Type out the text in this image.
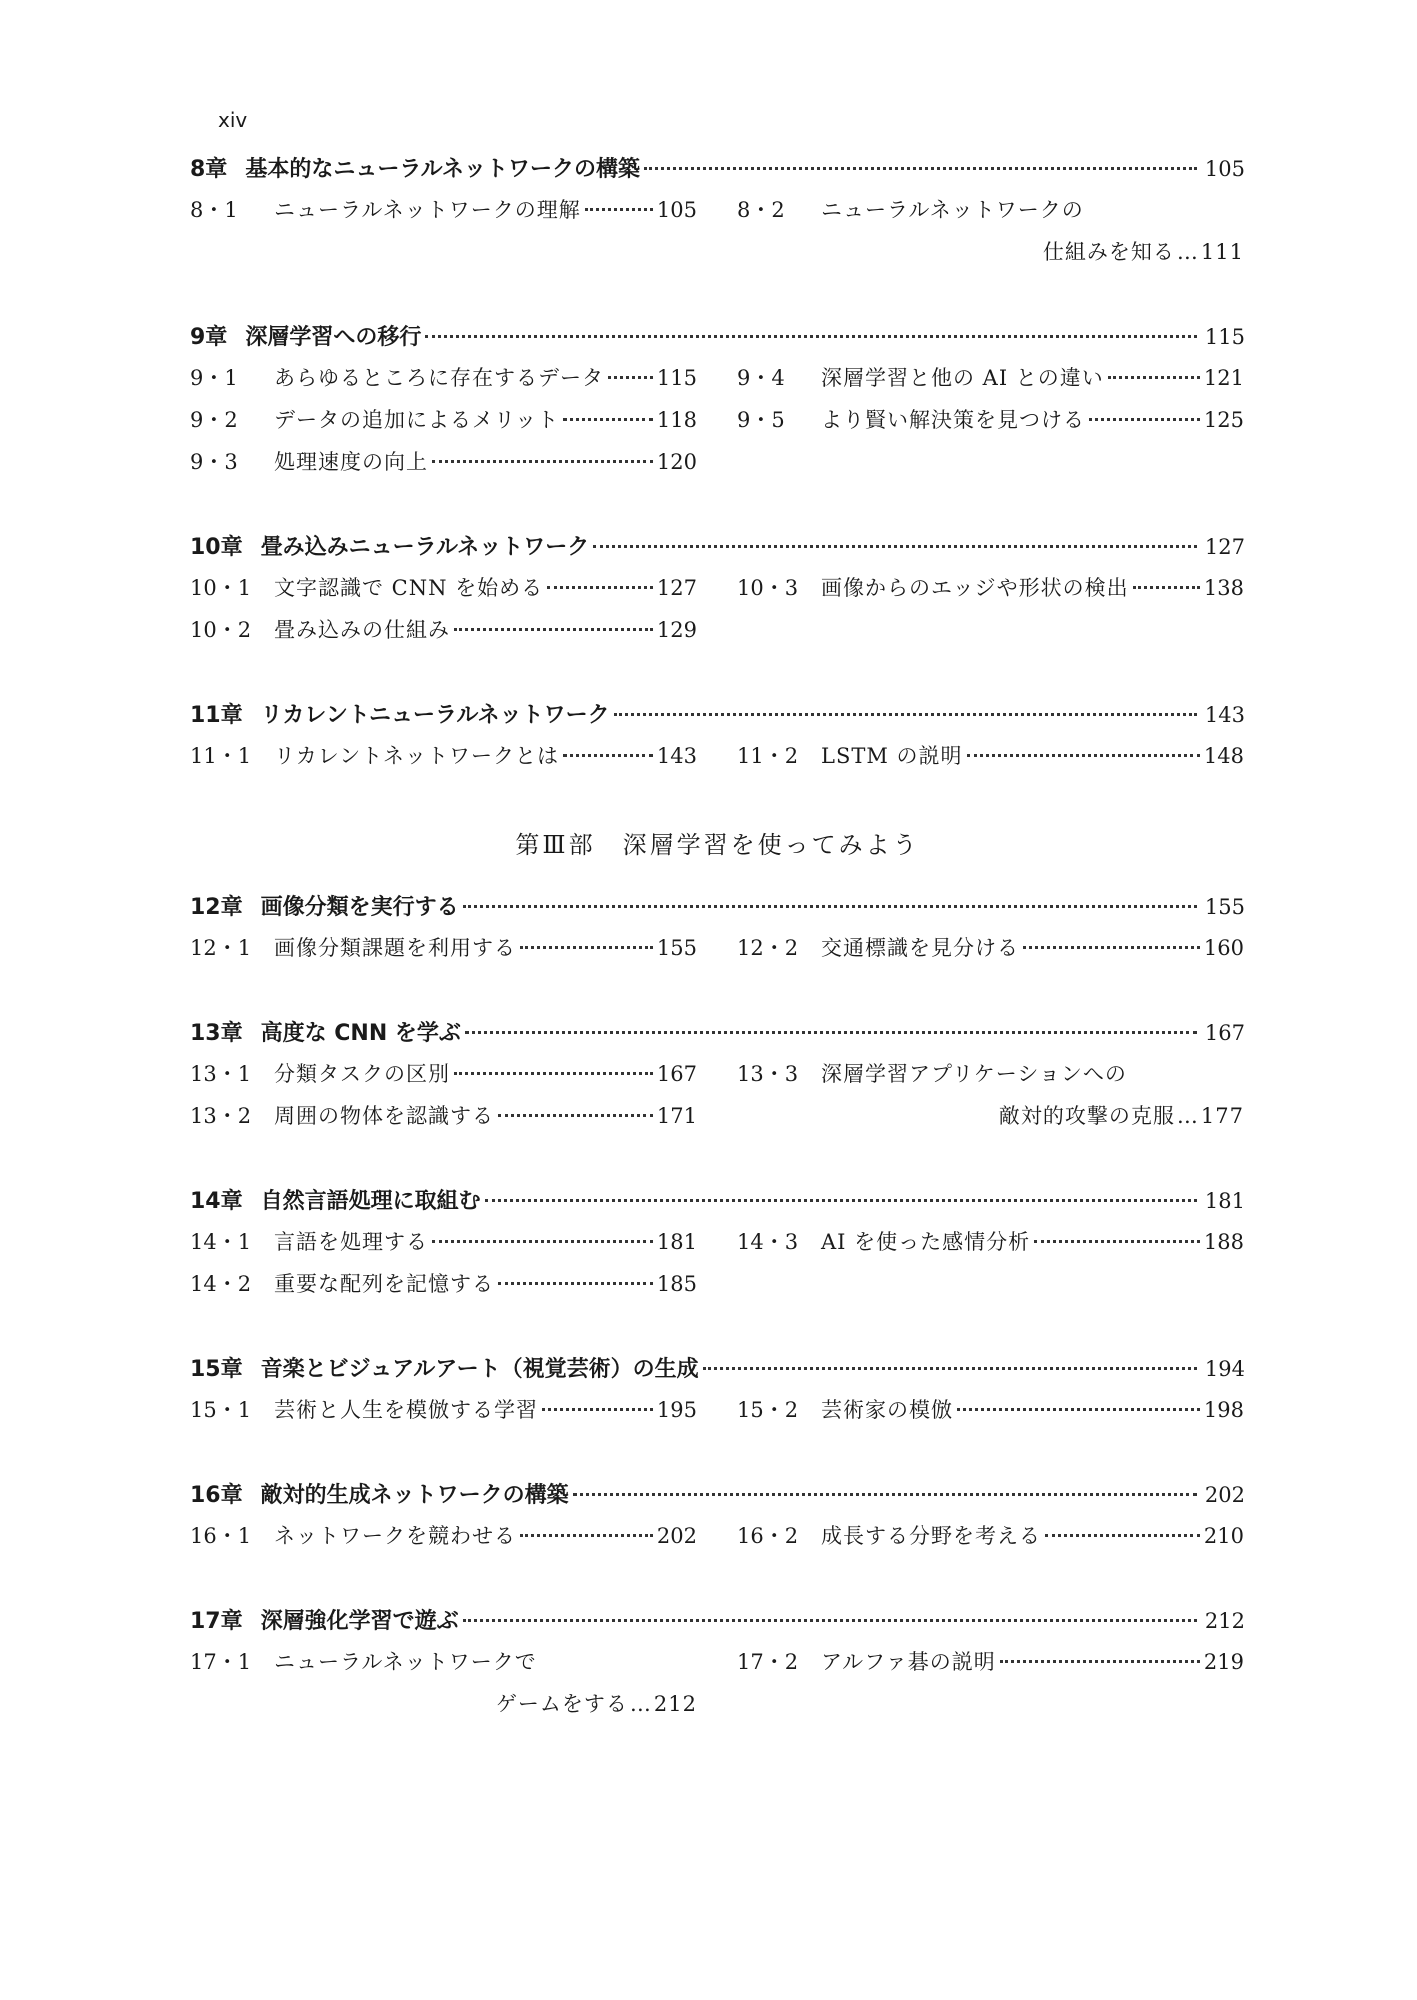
xiv
8章 基本的なニューラルネットワークの構築	105
8・1	ニューラルネットワークの理解	105 8・2	ニューラルネットワークの
仕組みを知る … 111
9章 深層学習への移行	115
9・1	あらゆるところに存在するデータ	115
9・2	データの追加によるメリット	118
9・3	処理速度の向上	120
9・4	深層学習と他の AI との違い	121
9・5	より賢い解決策を見つける	125
10章 畳み込みニューラルネットワーク	127
10・1	文字認識で CNN を始める	127
10・2	畳み込みの仕組み	129
10・3	画像からのエッジや形状の検出	138
11章 リカレントニューラルネットワーク	143
11・1	リカレントネットワークとは	143 11・2	LSTM の説明	148
第Ⅲ部　深層学習を使ってみよう
12章 画像分類を実行する	155
12・1	画像分類課題を利用する	155 12・2	交通標識を見分ける	160
13章 高度な CNN を学ぶ	167
13・1	分類タスクの区別	167
13・2	周囲の物体を認識する	171
13・3	深層学習アプリケーションへの
敵対的攻撃の克服 … 177
14章 自然言語処理に取組む	181
14・1	言語を処理する	181
14・2	重要な配列を記憶する	185
14・3	AI を使った感情分析	188
15章 音楽とビジュアルアート（視覚芸術）の生成	194
15・1	芸術と人生を模倣する学習	195 15・2	芸術家の模倣	198
16章 敵対的生成ネットワークの構築	202
16・1	ネットワークを競わせる	202 16・2	成長する分野を考える	210
17章 深層強化学習で遊ぶ	212
17・1	ニューラルネットワークで
ゲームをする … 212
17・2	アルファ碁の説明	219
